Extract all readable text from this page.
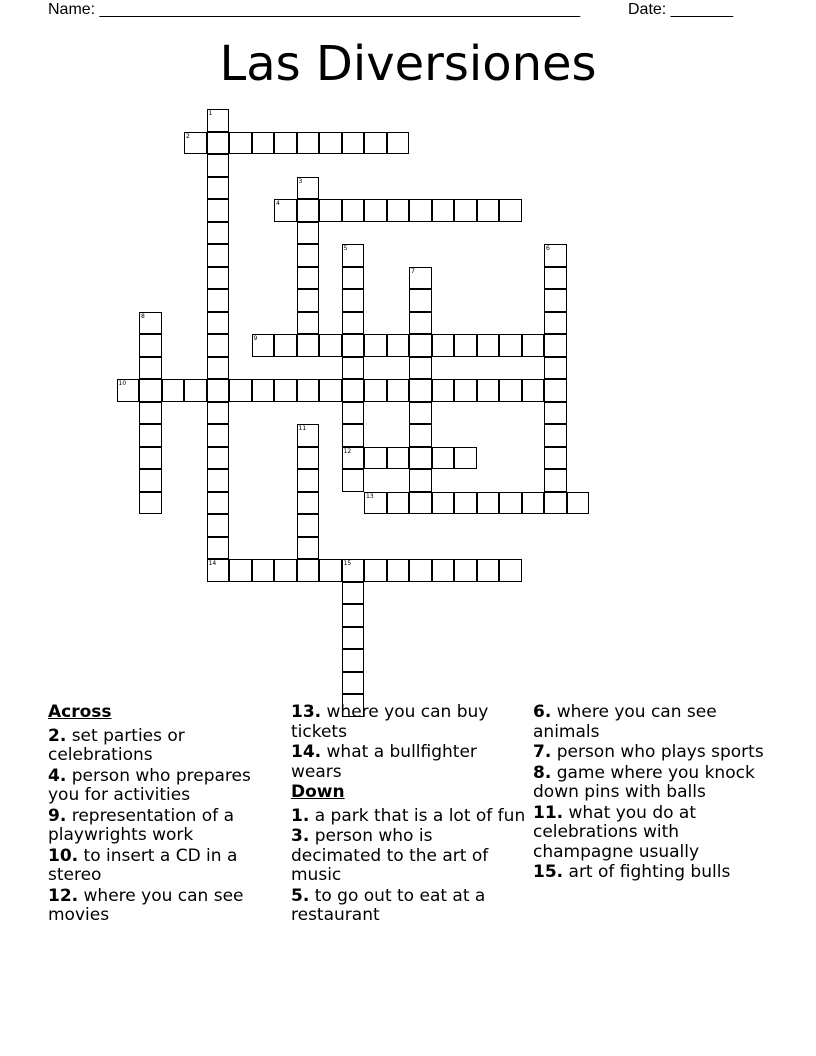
Name: ______________________________________________________	Date: _______
Las Diversiones
1
14
2
3
4
5
12
6
7
8
9
10
11
13
15
Across
2. set parties or celebrations
4. person who prepares you for activities
9. representation of a playwrights work
10. to insert a CD in a stereo
12. where you can see movies
13. where you can buy tickets
14. what a bullfighter wears
Down
1. a park that is a lot of fun
3. person who is decimated to the art of music
5. to go out to eat at a restaurant
6. where you can see animals
7. person who plays sports
8. game where you knock down pins with balls
11. what you do at celebrations with champagne usually
15. art of fighting bulls
